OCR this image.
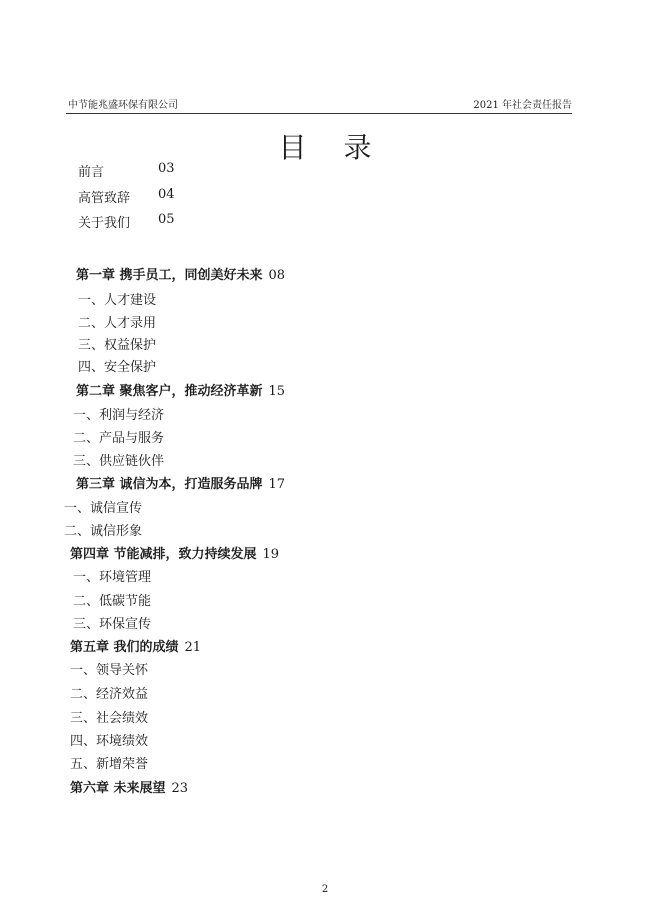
中节能兆盛环保有限公司	2021 年社会责任报告
目 录
前言	03
高管致辞 04
关于我们 05
第一章 携手员工，同创美好未来 08
一、人才建设
二、人才录用
三、权益保护
四、安全保护
第二章 聚焦客户，推动经济革新 15
一、利润与经济
二、产品与服务
三、供应链伙伴
第三章 诚信为本，打造服务品牌 17
一、诚信宣传
二、诚信形象
第四章 节能减排，致力持续发展 19
一、环境管理
二、低碳节能
三、环保宣传
第五章 我们的成绩 21
一、领导关怀
二、经济效益
三、社会绩效
四、环境绩效
五、新增荣誉
第六章 未来展望 23
2
